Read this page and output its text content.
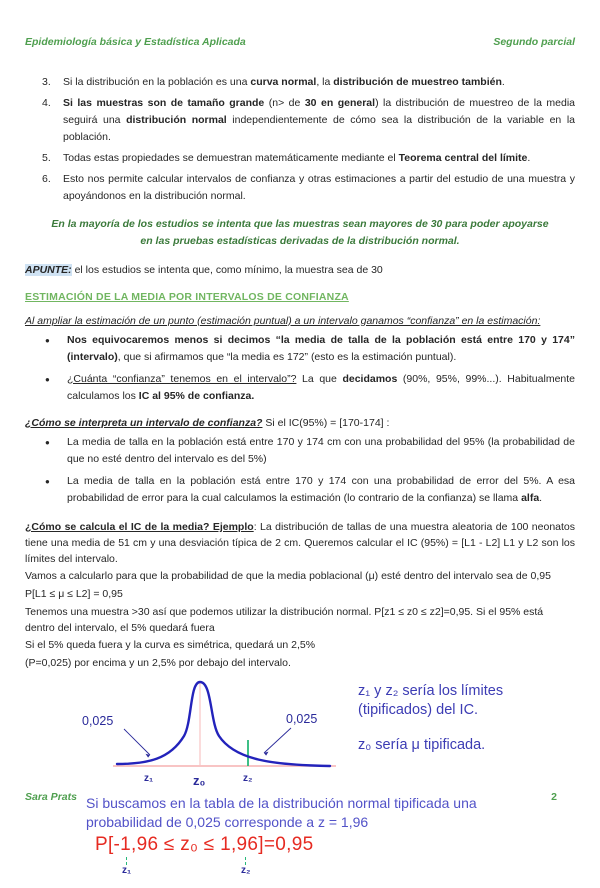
Epidemiología básica y Estadística Aplicada	Segundo parcial
3.	Si la distribución en la población es una curva normal, la distribución de muestreo también.
4.	Si las muestras son de tamaño grande (n> de 30 en general) la distribución de muestreo de la media seguirá una distribución normal independientemente de cómo sea la distribución de la variable en la población.
5.	Todas estas propiedades se demuestran matemáticamente mediante el Teorema central del límite.
6.	Esto nos permite calcular intervalos de confianza y otras estimaciones a partir del estudio de una muestra y apoyándonos en la distribución normal.
En la mayoría de los estudios se intenta que las muestras sean mayores de 30 para poder apoyarse en las pruebas estadísticas derivadas de la distribución normal.
APUNTE: el los estudios se intenta que, como mínimo, la muestra sea de 30
ESTIMACIÓN DE LA MEDIA POR INTERVALOS DE CONFIANZA
Al ampliar la estimación de un punto (estimación puntual) a un intervalo ganamos “confianza” en la estimación:
●	Nos equivocaremos menos si decimos “la media de talla de la población está entre 170 y 174” (intervalo), que si afirmamos que “la media es 172” (esto es la estimación puntual).
●	¿Cuánta “confianza” tenemos en el intervalo”? La que decidamos (90%, 95%, 99%...). Habitualmente calculamos los IC al 95% de confianza.
¿Cómo se interpreta un intervalo de confianza? Si el IC(95%) = [170-174] :
●	La media de talla en la población está entre 170 y 174 cm con una probabilidad del 95% (la probabilidad de que no esté dentro del intervalo es del 5%)
●	La media de talla en la población está entre 170 y 174 con una probabilidad de error del 5%. A esa probabilidad de error para la cual calculamos la estimación (lo contrario de la confianza) se llama alfa.
¿Cómo se calcula el IC de la media? Ejemplo: La distribución de tallas de una muestra aleatoria de 100 neonatos tiene una media de 51 cm y una desviación típica de 2 cm. Queremos calcular el IC (95%) = [L1 - L2] L1 y L2 son los límites del intervalo.
Vamos a calcularlo para que la probabilidad de que la media poblacional (μ) esté dentro del intervalo sea de 0,95
P[L1 ≤ μ ≤ L2] = 0,95
Tenemos una muestra >30 así que podemos utilizar la distribución normal. P[z1 ≤ z0 ≤ z2]=0,95. Si el 95% está dentro del intervalo, el 5% quedará fuera
Si el 5% queda fuera y la curva es simétrica, quedará un 2,5%
(P=0,025) por encima y un 2,5% por debajo del intervalo.
0,025	0,025
z₁	z₀	z₂
z₁ y z₂ sería los límites
(tipificados) del IC.
z₀ sería μ tipificada.
Si buscamos en la tabla de la distribución normal tipificada una probabilidad de 0,025 corresponde a z = 1,96
P[-1,96 ≤ z₀ ≤ 1,96]=0,95
z₁	z₂
Sara Prats	2
